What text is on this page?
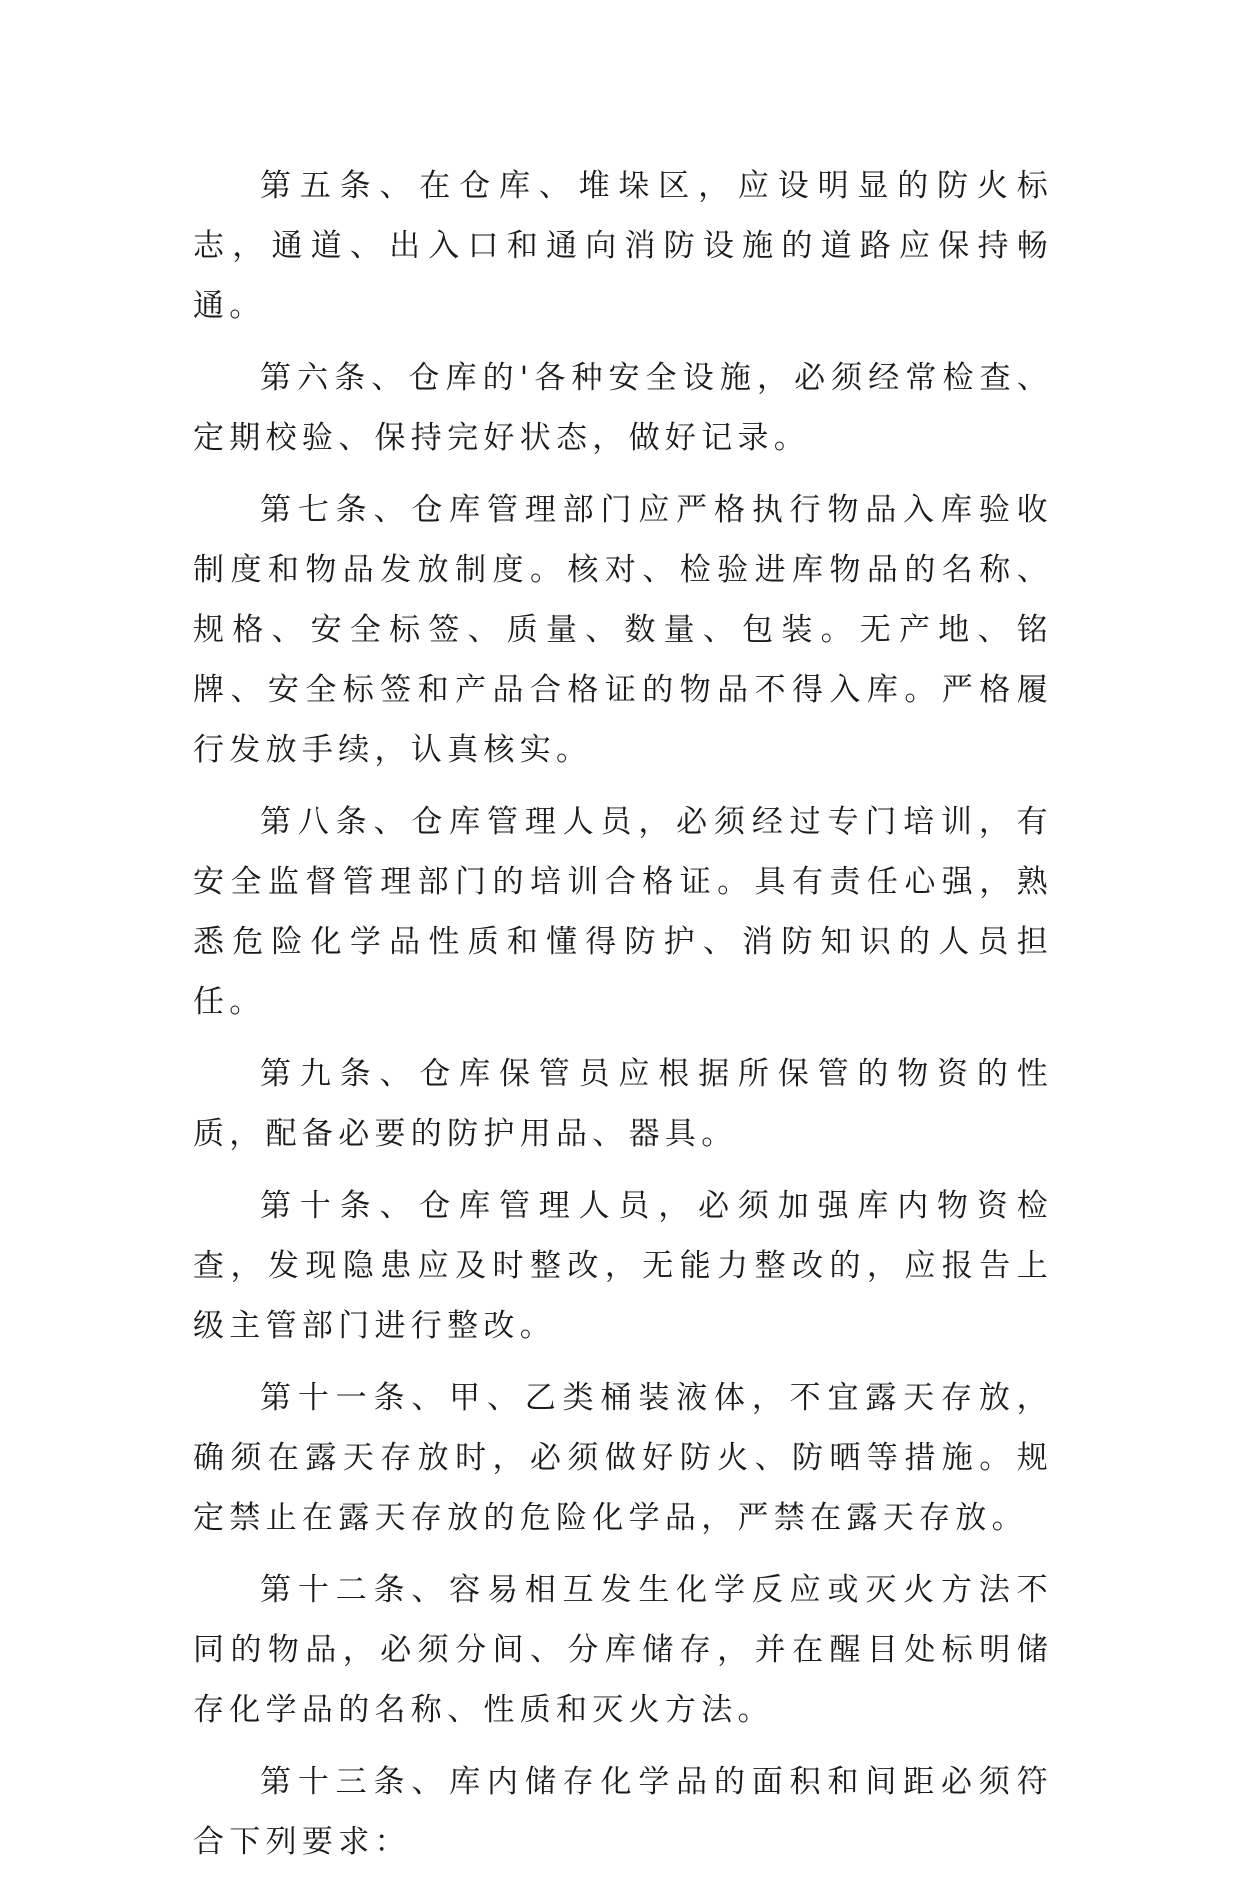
第五条、在仓库、堆垛区，应设明显的防火标志，通道、出入口和通向消防设施的道路应保持畅通。

第六条、仓库的'各种安全设施，必须经常检查、定期校验、保持完好状态，做好记录。

第七条、仓库管理部门应严格执行物品入库验收制度和物品发放制度。核对、检验进库物品的名称、规格、安全标签、质量、数量、包装。无产地、铭牌、安全标签和产品合格证的物品不得入库。严格履行发放手续，认真核实。

第八条、仓库管理人员，必须经过专门培训，有安全监督管理部门的培训合格证。具有责任心强，熟悉危险化学品性质和懂得防护、消防知识的人员担任。

第九条、仓库保管员应根据所保管的物资的性质，配备必要的防护用品、器具。

第十条、仓库管理人员，必须加强库内物资检查，发现隐患应及时整改，无能力整改的，应报告上级主管部门进行整改。

第十一条、甲、乙类桶装液体，不宜露天存放，确须在露天存放时，必须做好防火、防晒等措施。规定禁止在露天存放的危险化学品，严禁在露天存放。

第十二条、容易相互发生化学反应或灭火方法不同的物品，必须分间、分库储存，并在醒目处标明储存化学品的名称、性质和灭火方法。

第十三条、库内储存化学品的面积和间距必须符合下列要求：
